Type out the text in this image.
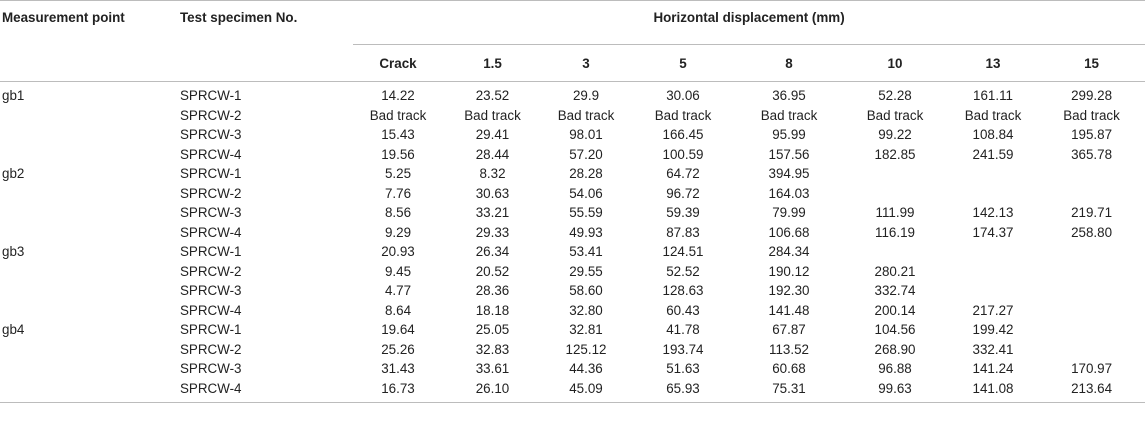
Measurement point	Test specimen No.	Horizontal displacement (mm)							
		Crack	1.5	3	5	8	10	13	15
gb1	SPRCW-1	14.22	23.52	29.9	30.06	36.95	52.28	161.11	299.28
	SPRCW-2	Bad track	Bad track	Bad track	Bad track	Bad track	Bad track	Bad track	Bad track
	SPRCW-3	15.43	29.41	98.01	166.45	95.99	99.22	108.84	195.87
	SPRCW-4	19.56	28.44	57.20	100.59	157.56	182.85	241.59	365.78
gb2	SPRCW-1	5.25	8.32	28.28	64.72	394.95			
	SPRCW-2	7.76	30.63	54.06	96.72	164.03			
	SPRCW-3	8.56	33.21	55.59	59.39	79.99	111.99	142.13	219.71
	SPRCW-4	9.29	29.33	49.93	87.83	106.68	116.19	174.37	258.80
gb3	SPRCW-1	20.93	26.34	53.41	124.51	284.34			
	SPRCW-2	9.45	20.52	29.55	52.52	190.12	280.21		
	SPRCW-3	4.77	28.36	58.60	128.63	192.30	332.74		
	SPRCW-4	8.64	18.18	32.80	60.43	141.48	200.14	217.27	
gb4	SPRCW-1	19.64	25.05	32.81	41.78	67.87	104.56	199.42	
	SPRCW-2	25.26	32.83	125.12	193.74	113.52	268.90	332.41	
	SPRCW-3	31.43	33.61	44.36	51.63	60.68	96.88	141.24	170.97
	SPRCW-4	16.73	26.10	45.09	65.93	75.31	99.63	141.08	213.64
